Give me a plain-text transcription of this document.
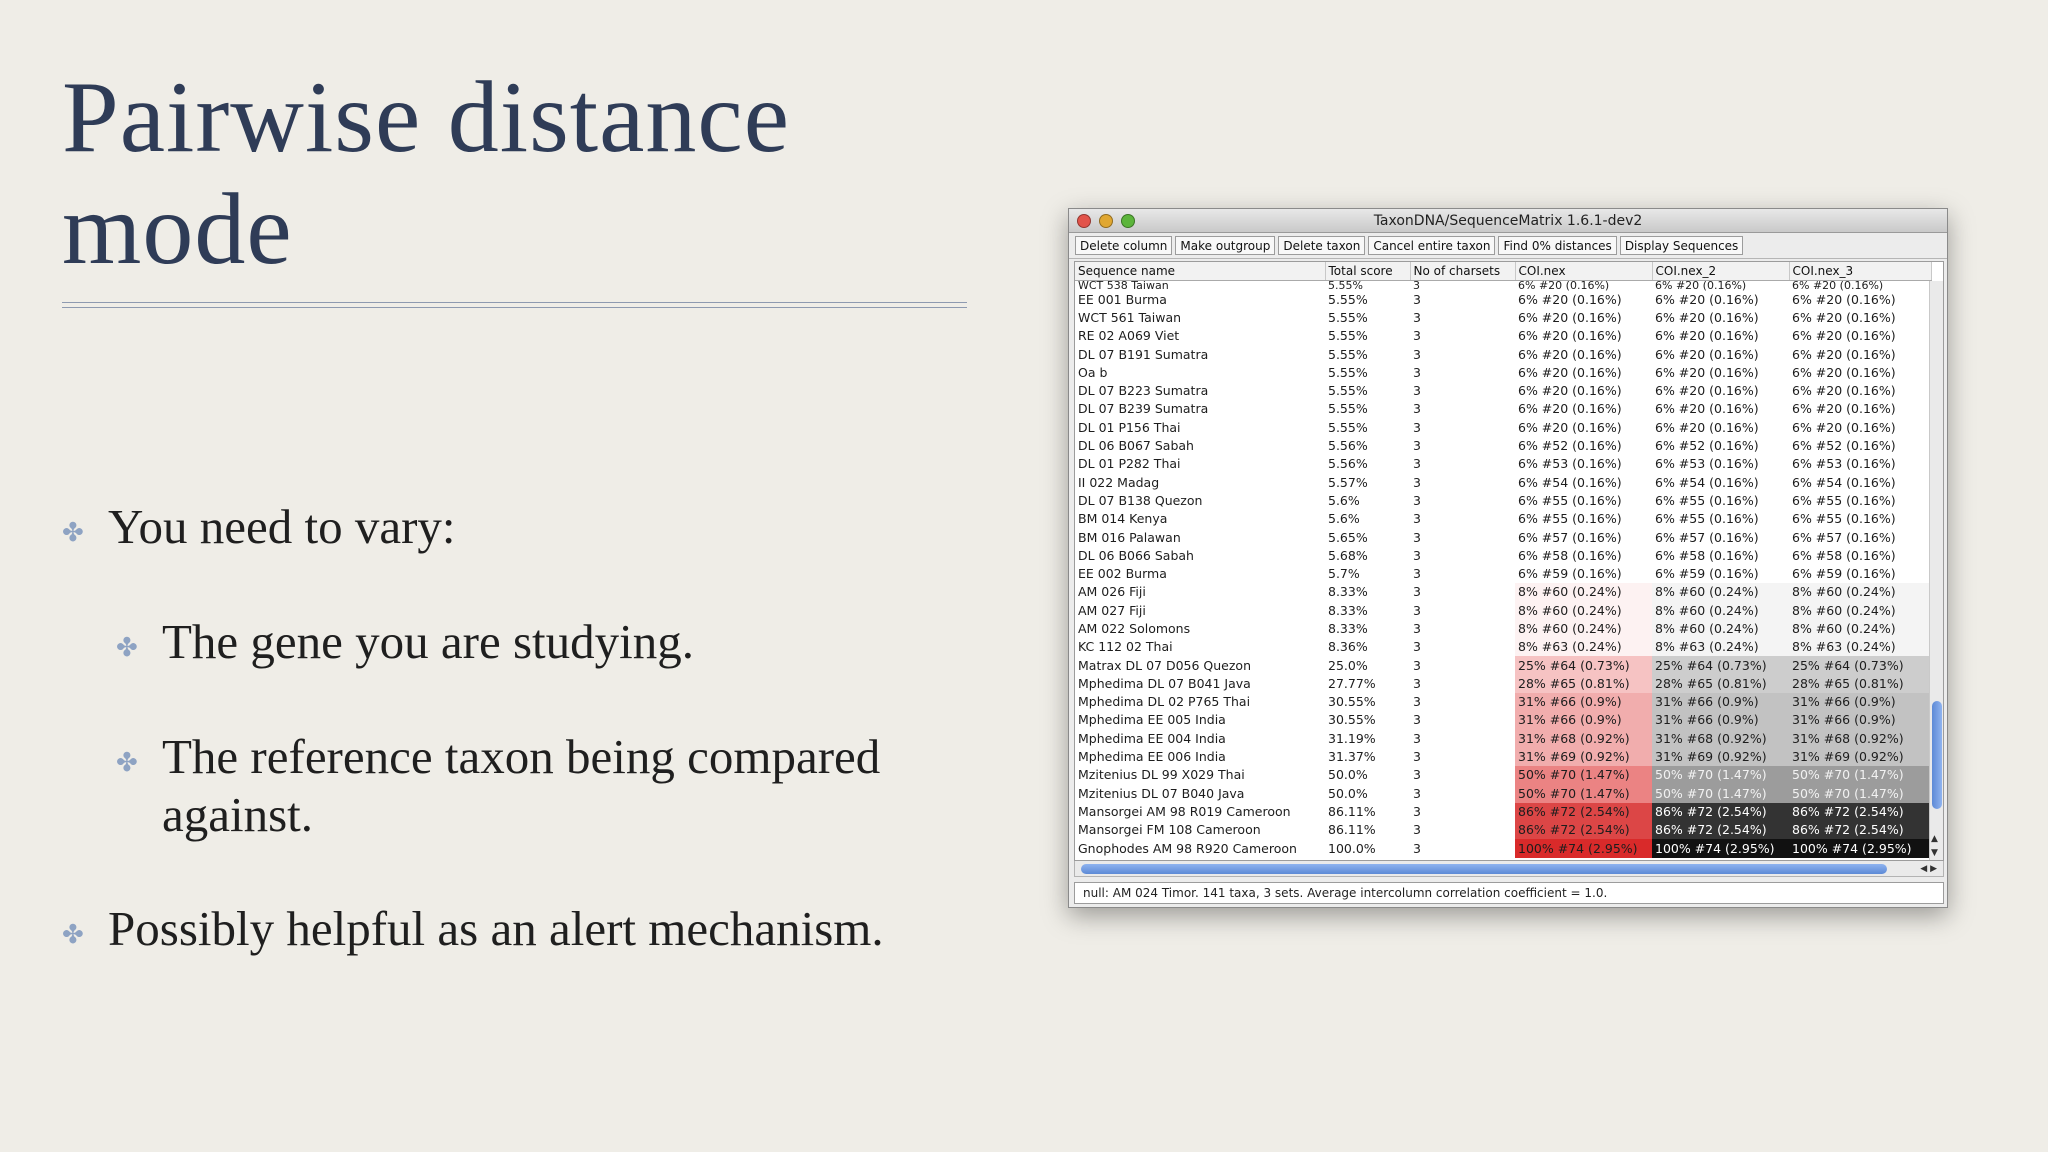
Pairwise distance
mode
✤ You need to vary:
✤ The gene you are studying.
✤ The reference taxon being compared
against.
✤ Possibly helpful as an alert mechanism.
TaxonDNA/SequenceMatrix 1.6.1-dev2
Delete column	Make outgroup	Delete taxon	Cancel entire taxon	Find 0% distances	Display Sequences
Sequence name	Total score	No of charsets	COI.nex	COI.nex_2	COI.nex_3
WCT 538 Taiwan	5.55%	3	6% #20 (0.16%)	6% #20 (0.16%)	6% #20 (0.16%)
EE 001 Burma	5.55%	3	6% #20 (0.16%)	6% #20 (0.16%)	6% #20 (0.16%)
WCT 561 Taiwan	5.55%	3	6% #20 (0.16%)	6% #20 (0.16%)	6% #20 (0.16%)
RE 02 A069 Viet	5.55%	3	6% #20 (0.16%)	6% #20 (0.16%)	6% #20 (0.16%)
DL 07 B191 Sumatra	5.55%	3	6% #20 (0.16%)	6% #20 (0.16%)	6% #20 (0.16%)
Oa b	5.55%	3	6% #20 (0.16%)	6% #20 (0.16%)	6% #20 (0.16%)
DL 07 B223 Sumatra	5.55%	3	6% #20 (0.16%)	6% #20 (0.16%)	6% #20 (0.16%)
DL 07 B239 Sumatra	5.55%	3	6% #20 (0.16%)	6% #20 (0.16%)	6% #20 (0.16%)
DL 01 P156 Thai	5.55%	3	6% #20 (0.16%)	6% #20 (0.16%)	6% #20 (0.16%)
DL 06 B067 Sabah	5.56%	3	6% #52 (0.16%)	6% #52 (0.16%)	6% #52 (0.16%)
DL 01 P282 Thai	5.56%	3	6% #53 (0.16%)	6% #53 (0.16%)	6% #53 (0.16%)
II 022 Madag	5.57%	3	6% #54 (0.16%)	6% #54 (0.16%)	6% #54 (0.16%)
DL 07 B138 Quezon	5.6%	3	6% #55 (0.16%)	6% #55 (0.16%)	6% #55 (0.16%)
BM 014 Kenya	5.6%	3	6% #55 (0.16%)	6% #55 (0.16%)	6% #55 (0.16%)
BM 016 Palawan	5.65%	3	6% #57 (0.16%)	6% #57 (0.16%)	6% #57 (0.16%)
DL 06 B066 Sabah	5.68%	3	6% #58 (0.16%)	6% #58 (0.16%)	6% #58 (0.16%)
EE 002 Burma	5.7%	3	6% #59 (0.16%)	6% #59 (0.16%)	6% #59 (0.16%)
AM 026 Fiji	8.33%	3	8% #60 (0.24%)	8% #60 (0.24%)	8% #60 (0.24%)
AM 027 Fiji	8.33%	3	8% #60 (0.24%)	8% #60 (0.24%)	8% #60 (0.24%)
AM 022 Solomons	8.33%	3	8% #60 (0.24%)	8% #60 (0.24%)	8% #60 (0.24%)
KC 112 02 Thai	8.36%	3	8% #63 (0.24%)	8% #63 (0.24%)	8% #63 (0.24%)
Matrax DL 07 D056 Quezon	25.0%	3	25% #64 (0.73%)	25% #64 (0.73%)	25% #64 (0.73%)
Mphedima DL 07 B041 Java	27.77%	3	28% #65 (0.81%)	28% #65 (0.81%)	28% #65 (0.81%)
Mphedima DL 02 P765 Thai	30.55%	3	31% #66 (0.9%)	31% #66 (0.9%)	31% #66 (0.9%)
Mphedima EE 005 India	30.55%	3	31% #66 (0.9%)	31% #66 (0.9%)	31% #66 (0.9%)
Mphedima EE 004 India	31.19%	3	31% #68 (0.92%)	31% #68 (0.92%)	31% #68 (0.92%)
Mphedima EE 006 India	31.37%	3	31% #69 (0.92%)	31% #69 (0.92%)	31% #69 (0.92%)
Mzitenius DL 99 X029 Thai	50.0%	3	50% #70 (1.47%)	50% #70 (1.47%)	50% #70 (1.47%)
Mzitenius DL 07 B040 Java	50.0%	3	50% #70 (1.47%)	50% #70 (1.47%)	50% #70 (1.47%)
Mansorgei AM 98 R019 Cameroon	86.11%	3	86% #72 (2.54%)	86% #72 (2.54%)	86% #72 (2.54%)
Mansorgei FM 108 Cameroon	86.11%	3	86% #72 (2.54%)	86% #72 (2.54%)	86% #72 (2.54%)
Gnophodes AM 98 R920 Cameroon	100.0%	3	100% #74 (2.95%)	100% #74 (2.95%)	100% #74 (2.95%)
▲
▼
◀ ▶
null: AM 024 Timor. 141 taxa, 3 sets. Average intercolumn correlation coefficient = 1.0.
